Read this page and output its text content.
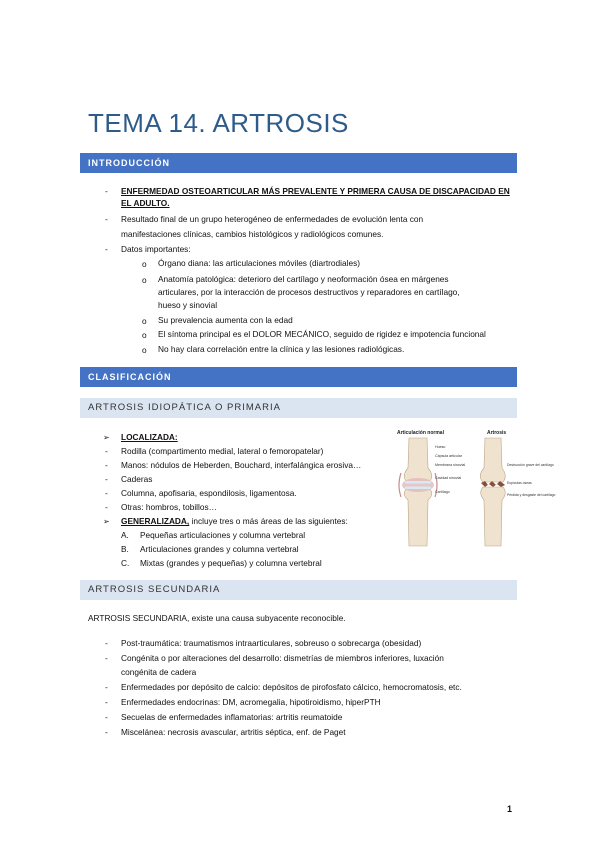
TEMA 14. ARTROSIS
INTRODUCCIÓN
- ENFERMEDAD OSTEOARTICULAR MÁS PREVALENTE Y PRIMERA CAUSA DE DISCAPACIDAD EN
EL ADULTO.
- Resultado final de un grupo heterogéneo de enfermedades de evolución lenta con
manifestaciones clínicas, cambios histológicos y radiológicos comunes.
- Datos importantes:
o Órgano diana: las articulaciones móviles (diartrodiales)
o Anatomía patológica: deterioro del cartílago y neoformación ósea en márgenes
articulares, por la interacción de procesos destructivos y reparadores en cartílago,
hueso y sinovial
o Su prevalencia aumenta con la edad
o El síntoma principal es el DOLOR MECÁNICO, seguido de rigidez e impotencia funcional
o No hay clara correlación entre la clínica y las lesiones radiológicas.
CLASIFICACIÓN
ARTROSIS IDIOPÁTICA O PRIMARIA
➢ LOCALIZADA:
- Rodilla (compartimento medial, lateral o femoropatelar)
- Manos: nódulos de Heberden, Bouchard, interfalángica erosiva…
- Caderas
- Columna, apofisaria, espondilosis, ligamentosa.
- Otras: hombros, tobillos…
➢ GENERALIZADA, incluye tres o más áreas de las siguientes:
A. Pequeñas articulaciones y columna vertebral
B. Articulaciones grandes y columna vertebral
C. Mixtas (grandes y pequeñas) y columna vertebral
Articulación normal	Artrosis
Hueso
Cápsula articular
Membrana sinovial
Cavidad sinovial
Cartílago
Destrucción grave del cartílago
Espículas óseas
Pérdida y desgaste del cartílago
ARTROSIS SECUNDARIA
ARTROSIS SECUNDARIA, existe una causa subyacente reconocible.
- Post-traumática: traumatismos intraarticulares, sobreuso o sobrecarga (obesidad)
- Congénita o por alteraciones del desarrollo: dismetrías de miembros inferiores, luxación
congénita de cadera
- Enfermedades por depósito de calcio: depósitos de pirofosfato cálcico, hemocromatosis, etc.
- Enfermedades endocrinas: DM, acromegalia, hipotiroidismo, hiperPTH
- Secuelas de enfermedades inflamatorias: artritis reumatoide
- Miscelánea: necrosis avascular, artritis séptica, enf. de Paget
1
